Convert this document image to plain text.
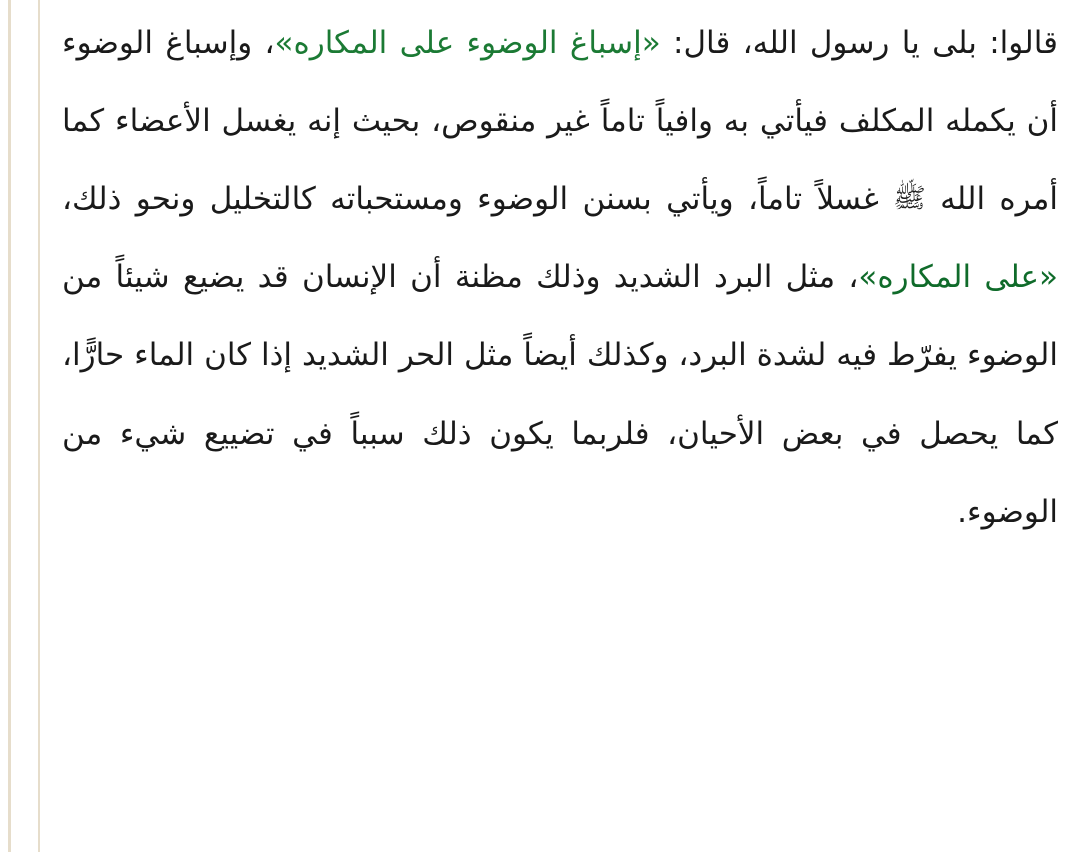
قالوا: بلى يا رسول الله، قال: «إسباغ الوضوء على المكاره»، وإسباغ الوضوء أن يكمله المكلف فيأتي به وافياً تاماً غير منقوص، بحيث إنه يغسل الأعضاء كما أمره الله ﷺ غسلاً تاماً، ويأتي بسنن الوضوء ومستحباته كالتخليل ونحو ذلك، «على المكاره»، مثل البرد الشديد وذلك مظنة أن الإنسان قد يضيع شيئاً من الوضوء يفرّط فيه لشدة البرد، وكذلك أيضاً مثل الحر الشديد إذا كان الماء حارًّا، كما يحصل في بعض الأحيان، فلربما يكون ذلك سبباً في تضييع شيء من الوضوء.
